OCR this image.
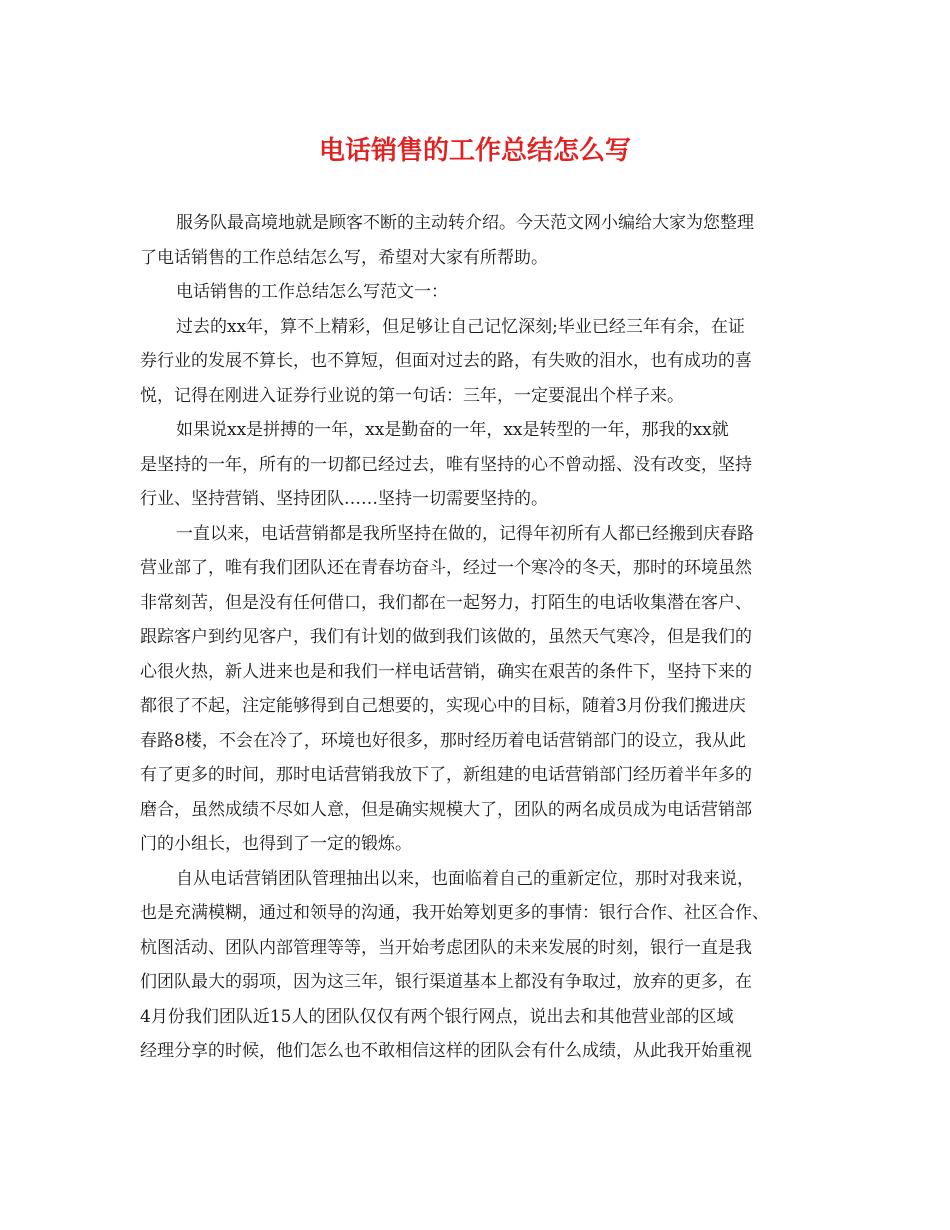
电话销售的工作总结怎么写
服务队最高境地就是顾客不断的主动转介绍。今天范文网小编给大家为您整理
了电话销售的工作总结怎么写，希望对大家有所帮助。
电话销售的工作总结怎么写范文一：
过去的xx年，算不上精彩，但足够让自己记忆深刻;毕业已经三年有余，在证
券行业的发展不算长，也不算短，但面对过去的路，有失败的泪水，也有成功的喜
悦，记得在刚进入证券行业说的第一句话：三年，一定要混出个样子来。
如果说xx是拼搏的一年，xx是勤奋的一年，xx是转型的一年，那我的xx就
是坚持的一年，所有的一切都已经过去，唯有坚持的心不曾动摇、没有改变，坚持
行业、坚持营销、坚持团队……坚持一切需要坚持的。
一直以来，电话营销都是我所坚持在做的，记得年初所有人都已经搬到庆春路
营业部了，唯有我们团队还在青春坊奋斗，经过一个寒冷的冬天，那时的环境虽然
非常刻苦，但是没有任何借口，我们都在一起努力，打陌生的电话收集潜在客户、
跟踪客户到约见客户，我们有计划的做到我们该做的，虽然天气寒冷，但是我们的
心很火热，新人进来也是和我们一样电话营销，确实在艰苦的条件下，坚持下来的
都很了不起，注定能够得到自己想要的，实现心中的目标，随着3月份我们搬进庆
春路8楼，不会在冷了，环境也好很多，那时经历着电话营销部门的设立，我从此
有了更多的时间，那时电话营销我放下了，新组建的电话营销部门经历着半年多的
磨合，虽然成绩不尽如人意，但是确实规模大了，团队的两名成员成为电话营销部
门的小组长，也得到了一定的锻炼。
自从电话营销团队管理抽出以来，也面临着自己的重新定位，那时对我来说，
也是充满模糊，通过和领导的沟通，我开始筹划更多的事情：银行合作、社区合作、
杭图活动、团队内部管理等等，当开始考虑团队的未来发展的时刻，银行一直是我
们团队最大的弱项，因为这三年，银行渠道基本上都没有争取过，放弃的更多，在
4月份我们团队近15人的团队仅仅有两个银行网点，说出去和其他营业部的区域
经理分享的时候，他们怎么也不敢相信这样的团队会有什么成绩，从此我开始重视
